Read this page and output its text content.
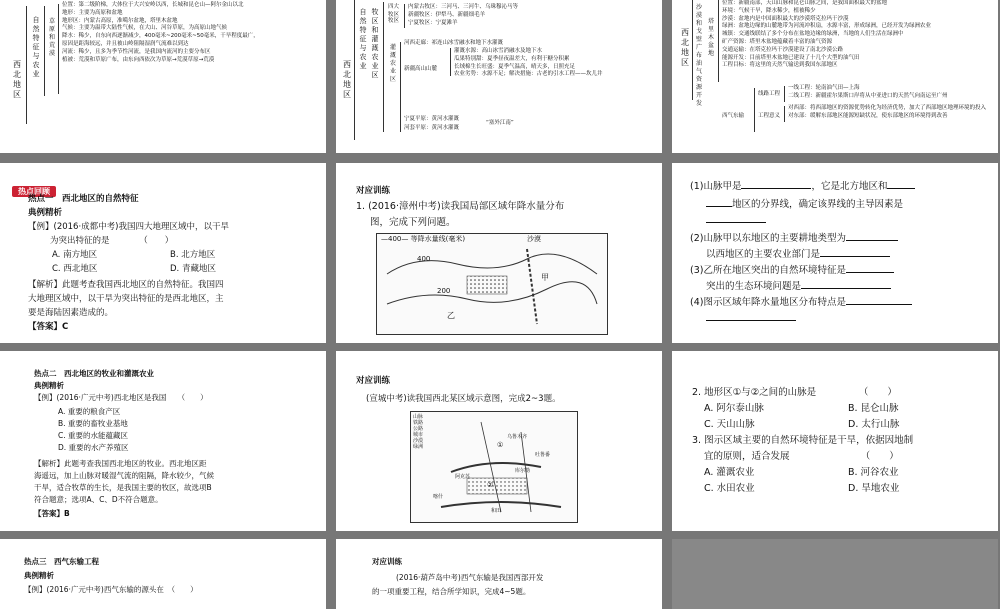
西北地区
自然特征与农业
草原和荒漠
位置：第二级阶梯，大体位于大兴安岭以西，长城和昆仑山—阿尔金山以北
地形：主要为高原和盆地
地形区：内蒙古高原，准噶尔盆地，塔里木盆地
气候：主要为温带大陆性气候，在大山、河谷草原，为高原山地气候
降水：稀少，自东向西逐渐减少，400毫米~200毫米~50毫米，干旱程度最广，
原因是距海较远，并且被山岭阻隔湿润气流难以到达
河流：稀少，且多为季节性河流，是我国内流河的主要分布区
植被：荒漠和草原广布，由东向西依次为草原→荒漠草原→荒漠
西北地区
自然特征与农业
牧区和灌溉农业区
四大牧区
牧区
内蒙古牧区：三河马、三河牛、乌珠穆沁马等
新疆牧区：伊犁马、新疆细毛羊
宁夏牧区：宁夏滩羊
灌溉农业区
河西走廊：祁连山冰雪融水和地下水灌溉
新疆高山山麓
灌溉水源：高山冰雪消融水及地下水
瓜果特别甜：夏季昼夜温差大，有利于糖分积累
长绒棉生长旺盛：夏季气温高，晴天多，日照充足
农业劣势：水源不足；解决措施：古老的引水工程——坎儿井
宁夏平原：黄河水灌溉
河套平原：黄河水灌溉
“塞外江南”
西北地区
沙漠和戈壁广布
油气资源开发
塔里木盆地
位置：新疆南部，天山山脉和昆仑山脉之间，是我国面积最大的盆地
环境：气候干旱，降水稀少，植被稀少
沙漠：盆地内是中国面积最大的沙漠塔克拉玛干沙漠
绿洲：盆地边缘的山麓地带为河流冲积扇，水源丰富，形成绿洲，已经开发为绿洲农业
城镇：交通线联结了多个分布在盆地边缘的绿洲，当地的人们生活在绿洲中
矿产资源：塔里木盆地蕴藏着丰富的油气资源
交通运输：在塔克拉玛干沙漠建设了南北沙漠公路
能源开发：目前塔里木盆地已建设了十几个大型的油气田
工程目标：将这里的天然气输送到我国东部地区
西气东输
线路工程
一线工程：轮南油气田—上海
二线工程：新疆霍尔果斯口岸将从中亚进口的天然气向南运至广州
工程意义
对西部：将西部地区的资源优势转化为经济优势，加大了西部地区地理环境的投入
对东部：缓解东部地区能源短缺状况，使东部地区的环境得到改善
热点回顾
热点一　西北地区的自然特征
典例精析
【例】(2016·成都中考)我国四大地理区域中，以干旱
为突出特征的是　　　　（　　）
A. 南方地区	B. 北方地区
C. 西北地区	D. 青藏地区
【解析】此题考查我国西北地区的自然特征。我国四
大地理区域中，以干旱为突出特征的是西北地区，主
要是海陆因素造成的。
【答案】C
对应训练
1. (2016·漳州中考)读我国局部区域年降水量分布
图，完成下列问题。
—400— 等降水量线(毫米)	沙漠
400
200
甲
乙
(1)山脉甲是	，它是北方地区和
地区的分界线，确定该界线的主导因素是
(2)山脉甲以东地区的主要耕地类型为
以西地区的主要农业部门是
(3)乙所在地区突出的自然环境特征是
突出的生态环境问题是
(4)图示区域年降水量地区分布特点是
热点二　西北地区的牧业和灌溉农业
典例精析
【例】(2016·广元中考)西北地区是我国　　（　　）
A. 重要的粮食产区
B. 重要的畜牧业基地
C. 重要的水能蕴藏区
D. 重要的水产养殖区
【解析】此题考查我国西北地区的牧业。西北地区距
海遥远，加上山脉对暖湿气流的阻隔，降水较少，气候
干旱，适合牧草的生长，是我国主要的牧区，故选项B
符合题意；选项A、C、D不符合题意。
【答案】B
对应训练
(宣城中考)读我国西北某区域示意图，完成2~3题。
山脉
铁路
公路
城市
沙漠
绿洲
乌鲁木齐
吐鲁番
库尔勒
阿克苏
喀什
和田
①
②
2. 地形区①与②之间的山脉是　　　　　（　　）
A. 阿尔泰山脉	B. 昆仑山脉
C. 天山山脉	D. 太行山脉
3. 图示区域主要的自然环境特征是干旱，依据因地制
宜的原则，适合发展　　　　　　　　（　　）
A. 灌溉农业	B. 河谷农业
C. 水田农业	D. 旱地农业
热点三　西气东输工程
典例精析
【例】(2016·广元中考)西气东输的源头在　（　　）
对应训练
(2016·葫芦岛中考)西气东输是我国西部开发
的一项重要工程，结合所学知识，完成4~5题。
